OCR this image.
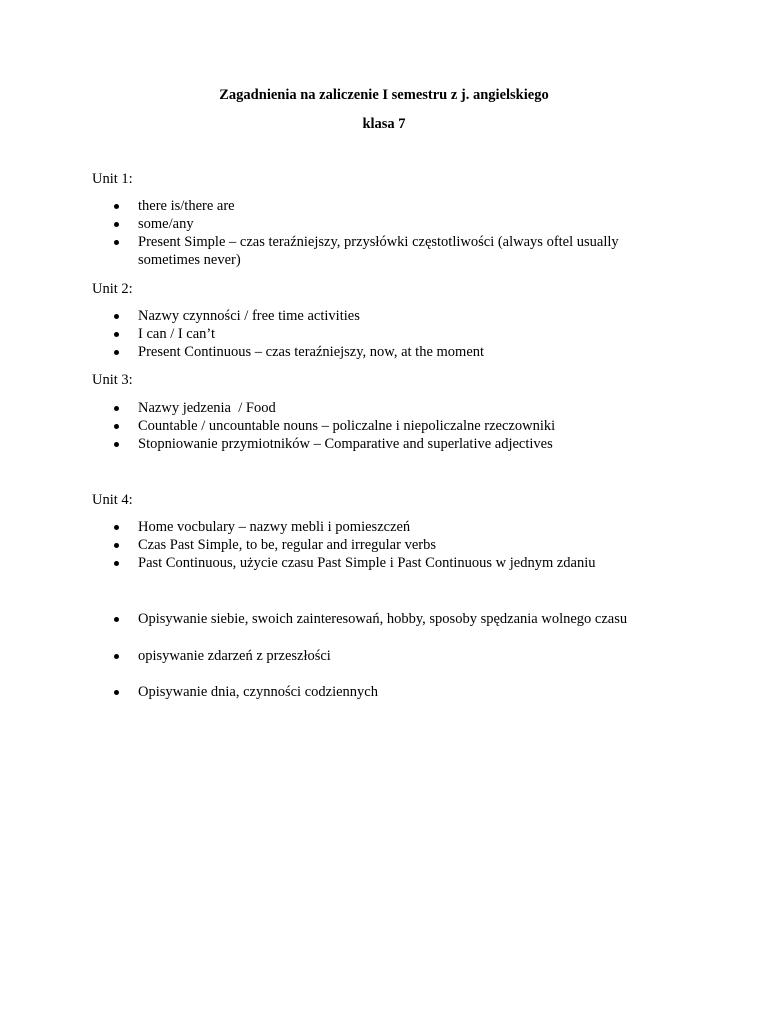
Zagadnienia na zaliczenie I semestru z j. angielskiego
klasa 7
Unit 1:
there is/there are
some/any
Present Simple – czas teraźniejszy, przysłówki częstotliwości (always oftel usually sometimes never)
Unit 2:
Nazwy czynności / free time activities
I can / I can’t
Present Continuous – czas teraźniejszy, now, at the moment
Unit 3:
Nazwy jedzenia  / Food
Countable / uncountable nouns – policzalne i niepoliczalne rzeczowniki
Stopniowanie przymiotników – Comparative and superlative adjectives
Unit 4:
Home vocbulary – nazwy mebli i pomieszczeń
Czas Past Simple, to be, regular and irregular verbs
Past Continuous, użycie czasu Past Simple i Past Continuous w jednym zdaniu
Opisywanie siebie, swoich zainteresowań, hobby, sposoby spędzania wolnego czasu
opisywanie zdarzeń z przeszłości
Opisywanie dnia, czynności codziennych
